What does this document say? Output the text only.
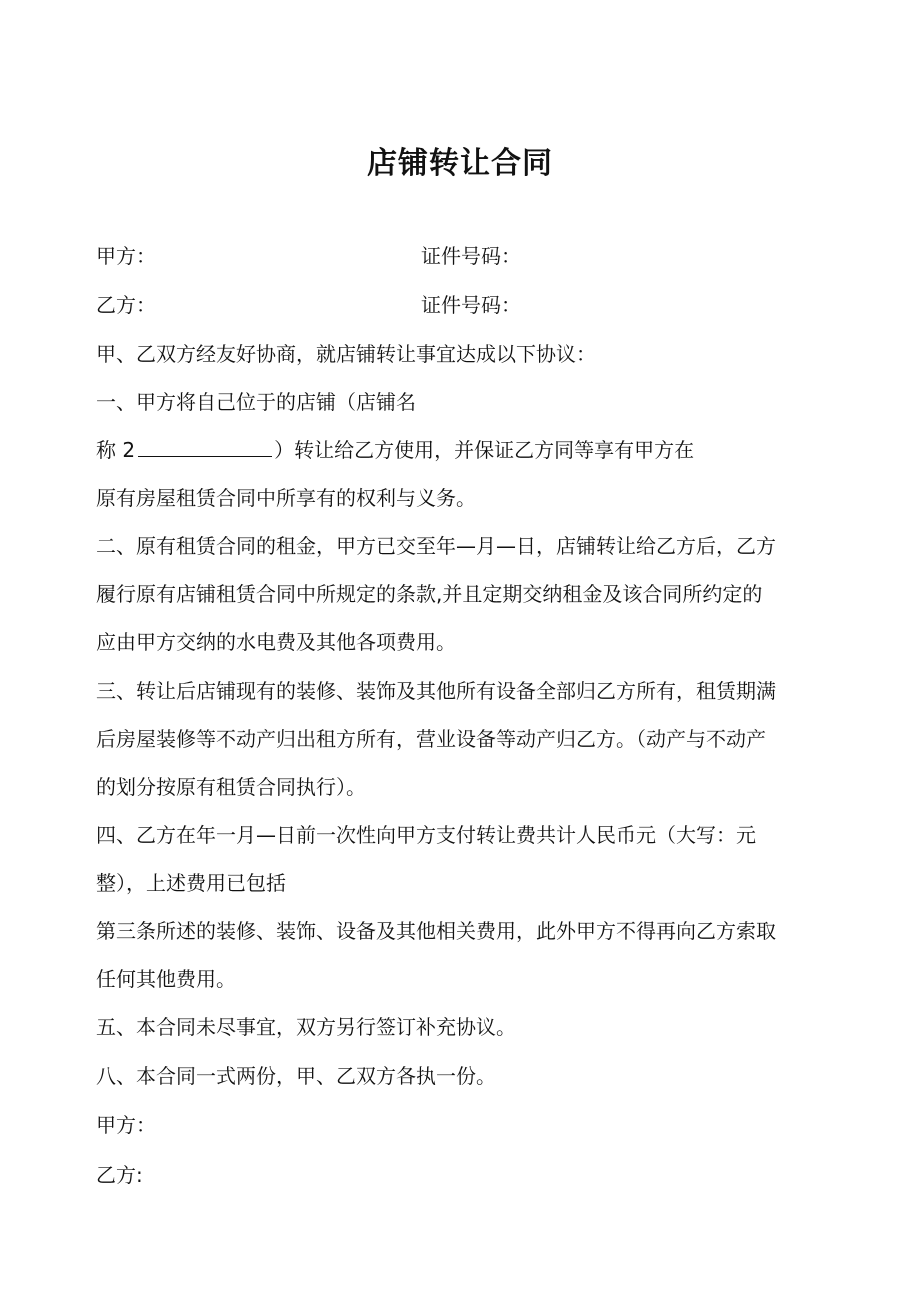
店铺转让合同
甲方：	证件号码：
乙方：	证件号码：
甲、乙双方经友好协商，就店铺转让事宜达成以下协议：
一、甲方将自己位于的店铺（店铺名
称 2	）转让给乙方使用，并保证乙方同等享有甲方在
原有房屋租赁合同中所享有的权利与义务。
二、原有租赁合同的租金，甲方已交至年—月—日，店铺转让给乙方后，乙方
履行原有店铺租赁合同中所规定的条款,并且定期交纳租金及该合同所约定的
应由甲方交纳的水电费及其他各项费用。
三、转让后店铺现有的装修、装饰及其他所有设备全部归乙方所有，租赁期满
后房屋装修等不动产归出租方所有，营业设备等动产归乙方。（动产与不动产
的划分按原有租赁合同执行）。
四、乙方在年一月—日前一次性向甲方支付转让费共计人民币元（大写：元
整），上述费用已包括
第三条所述的装修、装饰、设备及其他相关费用，此外甲方不得再向乙方索取
任何其他费用。
五、本合同未尽事宜，双方另行签订补充协议。
八、本合同一式两份，甲、乙双方各执一份。
甲方：
乙方:
